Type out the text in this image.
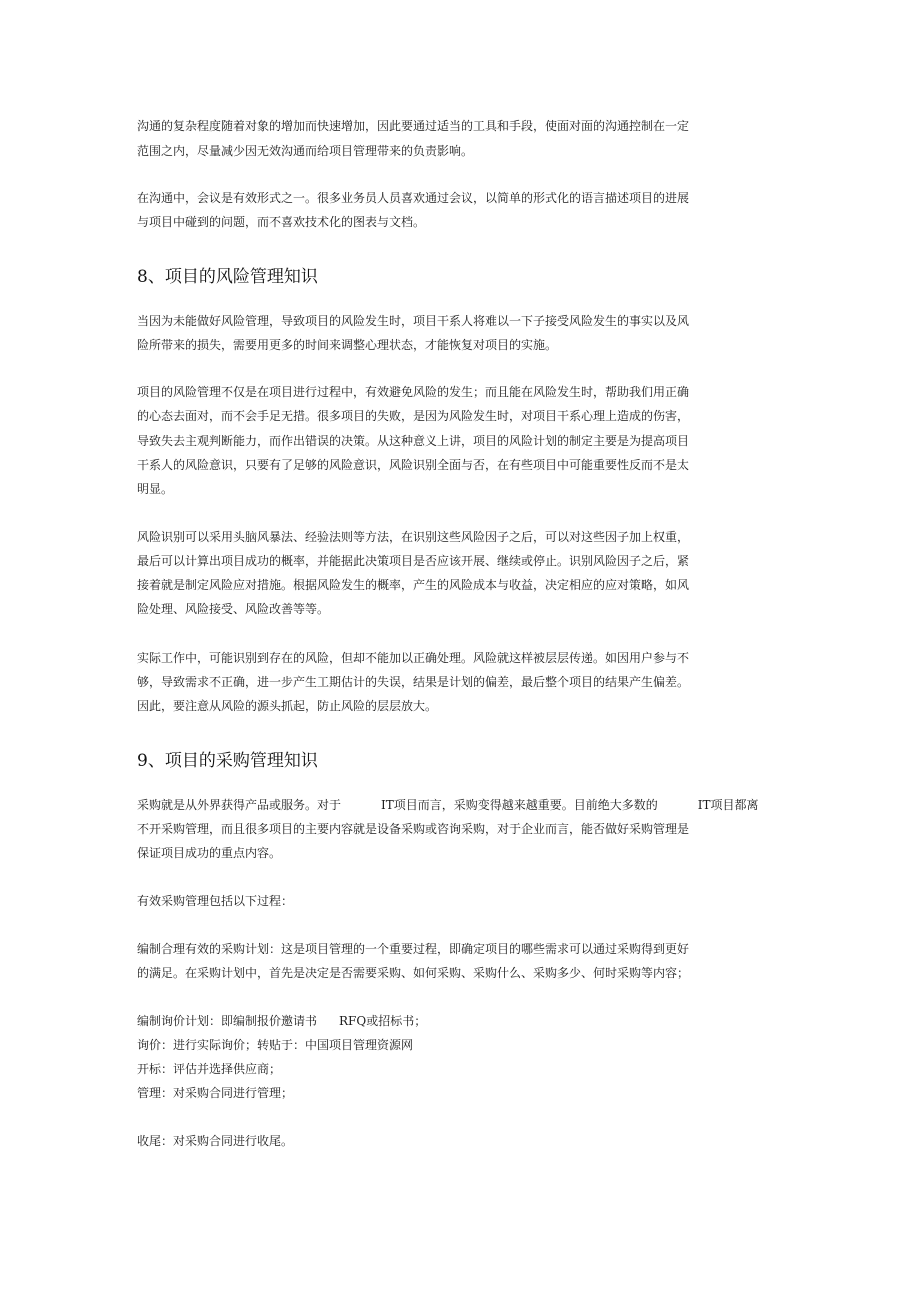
沟通的复杂程度随着对象的增加而快速增加，因此要通过适当的工具和手段，使面对面的沟通控制在一定
范围之内，尽量减少因无效沟通而给项目管理带来的负责影响。
在沟通中，会议是有效形式之一。很多业务员人员喜欢通过会议，以简单的形式化的语言描述项目的进展
与项目中碰到的问题，而不喜欢技术化的图表与文档。
8、项目的风险管理知识
当因为未能做好风险管理，导致项目的风险发生时，项目干系人将难以一下子接受风险发生的事实以及风
险所带来的损失，需要用更多的时间来调整心理状态，才能恢复对项目的实施。
项目的风险管理不仅是在项目进行过程中，有效避免风险的发生；而且能在风险发生时，帮助我们用正确
的心态去面对，而不会手足无措。很多项目的失败，是因为风险发生时，对项目干系心理上造成的伤害，
导致失去主观判断能力，而作出错误的决策。从这种意义上讲，项目的风险计划的制定主要是为提高项目
干系人的风险意识，只要有了足够的风险意识，风险识别全面与否，在有些项目中可能重要性反而不是太
明显。
风险识别可以采用头脑风暴法、经验法则等方法，在识别这些风险因子之后，可以对这些因子加上权重，
最后可以计算出项目成功的概率，并能据此决策项目是否应该开展、继续或停止。识别风险因子之后，紧
接着就是制定风险应对措施。根据风险发生的概率，产生的风险成本与收益，决定相应的应对策略，如风
险处理、风险接受、风险改善等等。
实际工作中，可能识别到存在的风险，但却不能加以正确处理。风险就这样被层层传递。如因用户参与不
够，导致需求不正确，进一步产生工期估计的失误，结果是计划的偏差，最后整个项目的结果产生偏差。
因此，要注意从风险的源头抓起，防止风险的层层放大。
9、项目的采购管理知识
采购就是从外界获得产品或服务。对于	IT项目而言，采购变得越来越重要。目前绝大多数的	IT项目都离
不开采购管理，而且很多项目的主要内容就是设备采购或咨询采购，对于企业而言，能否做好采购管理是
保证项目成功的重点内容。
有效采购管理包括以下过程：
编制合理有效的采购计划：这是项目管理的一个重要过程，即确定项目的哪些需求可以通过采购得到更好
的满足。在采购计划中，首先是决定是否需要采购、如何采购、采购什么、采购多少、何时采购等内容；
编制询价计划：即编制报价邀请书 RFQ或招标书；
询价：进行实际询价；转贴于：中国项目管理资源网
开标：评估并选择供应商；
管理：对采购合同进行管理；
收尾：对采购合同进行收尾。
